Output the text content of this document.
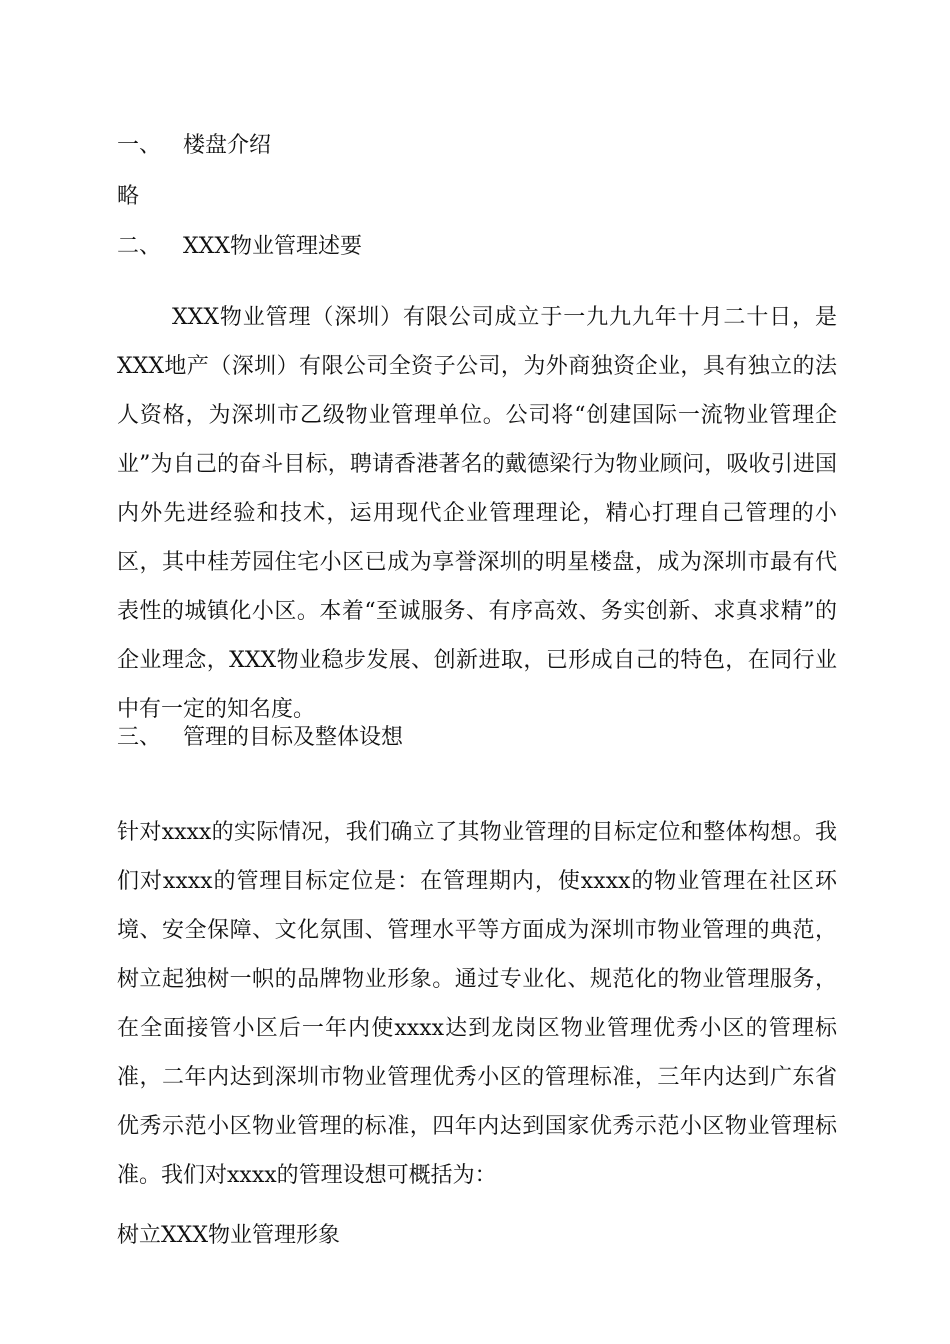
一、 楼盘介绍
略
二、 XXX物业管理述要

XXX物业管理（深圳）有限公司成立于一九九九年十月二十日，是XXX地产（深圳）有限公司全资子公司，为外商独资企业，具有独立的法人资格，为深圳市乙级物业管理单位。公司将“创建国际一流物业管理企业”为自己的奋斗目标，聘请香港著名的戴德梁行为物业顾问，吸收引进国内外先进经验和技术，运用现代企业管理理论，精心打理自己管理的小区，其中桂芳园住宅小区已成为享誉深圳的明星楼盘，成为深圳市最有代表性的城镇化小区。本着“至诚服务、有序高效、务实创新、求真求精”的企业理念，XXX物业稳步发展、创新进取，已形成自己的特色，在同行业中有一定的知名度。

三、 管理的目标及整体设想

针对xxxx的实际情况，我们确立了其物业管理的目标定位和整体构想。我们对xxxx的管理目标定位是：在管理期内，使xxxx的物业管理在社区环境、安全保障、文化氛围、管理水平等方面成为深圳市物业管理的典范，树立起独树一帜的品牌物业形象。通过专业化、规范化的物业管理服务，在全面接管小区后一年内使xxxx达到龙岗区物业管理优秀小区的管理标准，二年内达到深圳市物业管理优秀小区的管理标准，三年内达到广东省优秀示范小区物业管理的标准，四年内达到国家优秀示范小区物业管理标准。我们对xxxx的管理设想可概括为：

树立XXX物业管理形象
